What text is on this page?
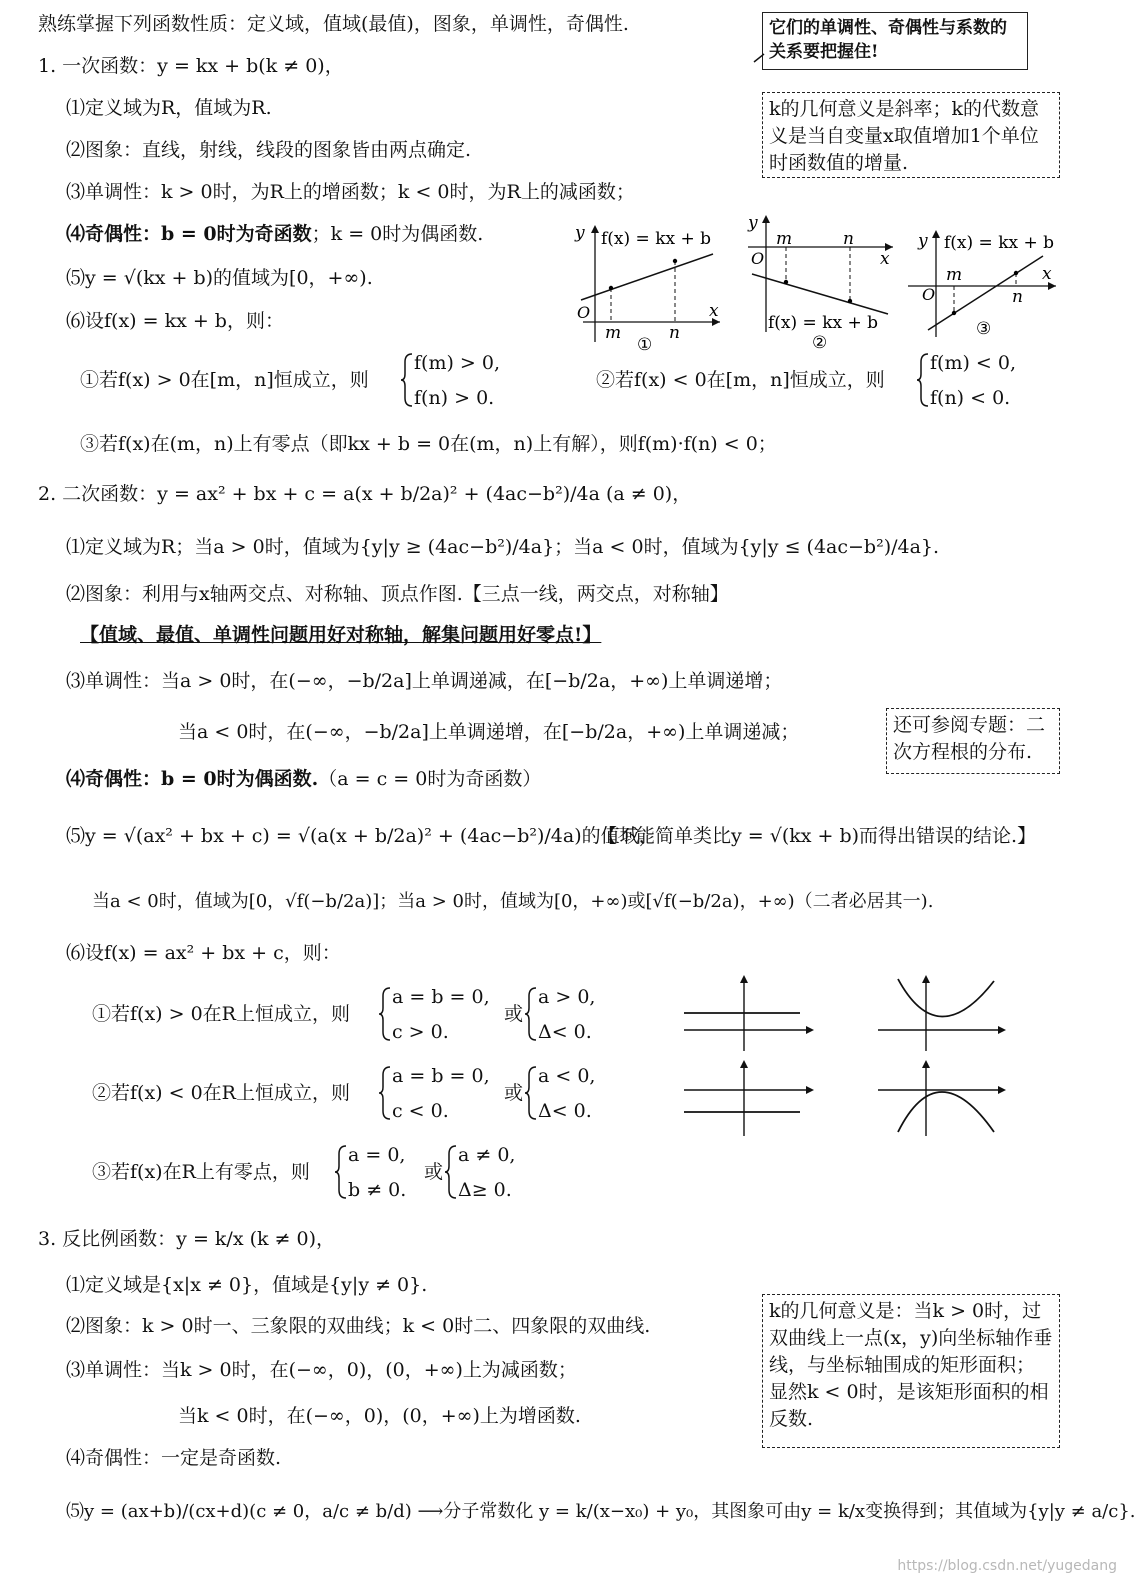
熟练掌握下列函数性质：定义域，值域(最值)，图象，单调性，奇偶性.	它们的单调性、奇偶性与系数的关系要把握住!
1. 一次函数：y = kx + b(k ≠ 0)，
⑴定义域为R，值域为R.
⑵图象：直线，射线，线段的图象皆由两点确定.
⑶单调性：k > 0时，为R上的增函数；k < 0时，为R上的减函数；
⑷奇偶性：b = 0时为奇函数；k = 0时为偶函数.
⑸y = √(kx + b)的值域为[0，+∞).
⑹设f(x) = kx + b，则：
k的几何意义是斜率；k的代数意义是当自变量x取值增加1个单位时函数值的增量.
y f(x) = kx + b
O	x
m	n
①
y
m	n
O	x
f(x) = kx + b
②
y f(x) = kx + b
m	x
O	n
③
①若f(x) > 0在[m，n]恒成立，则
f(m) > 0,
f(n) > 0.
②若f(x) < 0在[m，n]恒成立，则
f(m) < 0,
f(n) < 0.
③若f(x)在(m，n)上有零点（即kx + b = 0在(m，n)上有解），则f(m)·f(n) < 0；
2. 二次函数：y = ax² + bx + c = a(x + b/2a)² + (4ac−b²)/4a (a ≠ 0)，
⑴定义域为R；当a > 0时，值域为{y|y ≥ (4ac−b²)/4a}；当a < 0时，值域为{y|y ≤ (4ac−b²)/4a}.
⑵图象：利用与x轴两交点、对称轴、顶点作图.【三点一线，两交点，对称轴】
【值域、最值、单调性问题用好对称轴，解集问题用好零点!】
⑶单调性：当a > 0时，在(−∞，−b/2a]上单调递减，在[−b/2a，+∞)上单调递增；
当a < 0时，在(−∞，−b/2a]上单调递增，在[−b/2a，+∞)上单调递减；	还可参阅专题：二次方程根的分布.
⑷奇偶性：b = 0时为偶函数.（a = c = 0时为奇函数）
⑸y = √(ax² + bx + c) = √(a(x + b/2a)² + (4ac−b²)/4a)的值域，
【不能简单类比y = √(kx + b)而得出错误的结论.】
当a < 0时，值域为[0，√f(−b/2a)]；当a > 0时，值域为[0，+∞)或[√f(−b/2a)，+∞)（二者必居其一).
⑹设f(x) = ax² + bx + c，则：
①若f(x) > 0在R上恒成立，则
a = b = 0,
c > 0.
或
a > 0,
Δ< 0.
②若f(x) < 0在R上恒成立，则
a = b = 0,
c < 0.
或
a < 0,
Δ< 0.
③若f(x)在R上有零点，则
a = 0,
b ≠ 0.
或
a ≠ 0,
Δ≥ 0.
3. 反比例函数：y = k/x (k ≠ 0)，
⑴定义域是{x|x ≠ 0}，值域是{y|y ≠ 0}.
⑵图象：k > 0时一、三象限的双曲线；k < 0时二、四象限的双曲线.
⑶单调性：当k > 0时，在(−∞，0)，(0，+∞)上为减函数；
当k < 0时，在(−∞，0)，(0，+∞)上为增函数.
⑷奇偶性：一定是奇函数.
⑸y = (ax+b)/(cx+d)(c ≠ 0，a/c ≠ b/d) ⟶分子常数化 y = k/(x−x₀) + y₀，其图象可由y = k/x变换得到；其值域为{y|y ≠ a/c}.
k的几何意义是：当k > 0时，过双曲线上一点(x，y)向坐标轴作垂线，与坐标轴围成的矩形面积；显然k < 0时，是该矩形面积的相反数.
https://blog.csdn.net/yugedang
